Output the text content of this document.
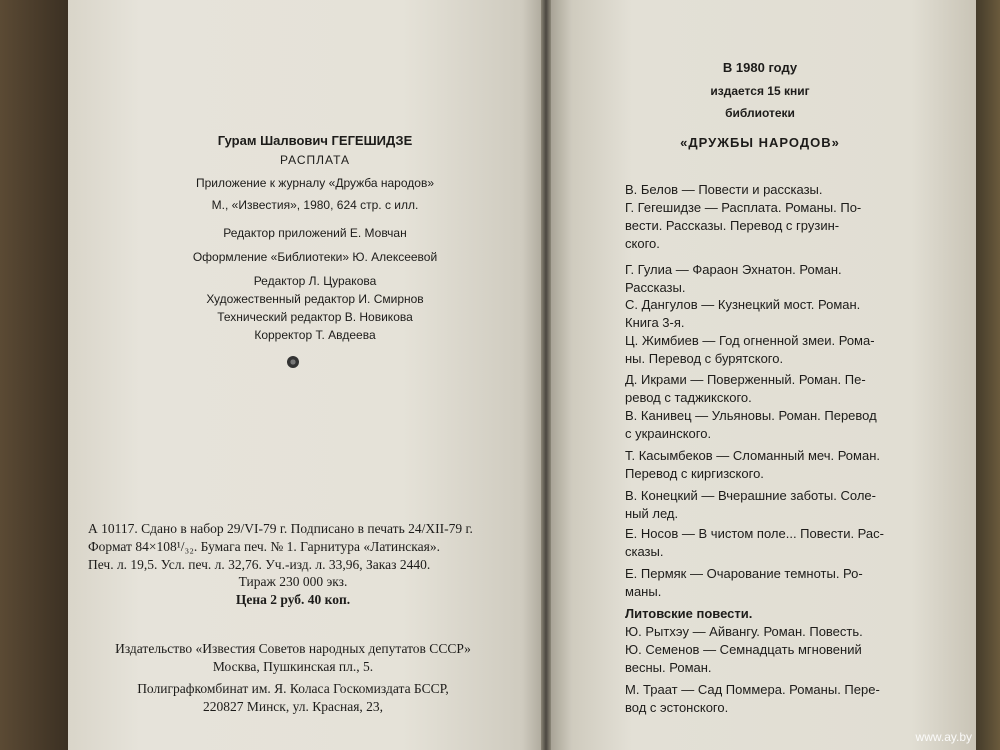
Гурам Шалвович ГЕГЕШИДЗЕ
РАСПЛАТА
Приложение к журналу «Дружба народов»
М., «Известия», 1980, 624 стр. с илл.
Редактор приложений Е. Мовчан
Оформление «Библиотеки» Ю. Алексеевой
Редактор Л. Цуракова
Художественный редактор И. Смирнов
Технический редактор В. Новикова
Корректор Т. Авдеева
А 10117. Сдано в набор 29/VI-79 г. Подписано в печать 24/XII-79 г.
Формат 84×108¹/₃₂. Бумага печ. № 1. Гарнитура «Латинская».
Печ. л. 19,5. Усл. печ. л. 32,76. Уч.-изд. л. 33,96, Заказ 2440.
Тираж 230 000 экз.
Цена 2 руб. 40 коп.
Издательство «Известия Советов народных депутатов СССР»
Москва, Пушкинская пл., 5.
Полиграфкомбинат им. Я. Коласа Госкомиздата БССР,
220827 Минск, ул. Красная, 23,
В 1980 году
издается 15 книг
библиотеки
«ДРУЖБЫ НАРОДОВ»
В. Белов — Повести и рассказы.
Г. Гегешидзе — Расплата. Романы. По-
вести. Рассказы. Перевод с грузин-
ского.
Г. Гулиа — Фараон Эхнатон. Роман.
Рассказы.
С. Дангулов — Кузнецкий мост. Роман.
Книга 3-я.
Ц. Жимбиев — Год огненной змеи. Рома-
ны. Перевод с бурятского.
Д. Икрами — Поверженный. Роман. Пе-
ревод с таджикского.
В. Канивец — Ульяновы. Роман. Перевод
с украинского.
Т. Касымбеков — Сломанный меч. Роман.
Перевод с киргизского.
В. Конецкий — Вчерашние заботы. Соле-
ный лед.
Е. Носов — В чистом поле... Повести. Рас-
сказы.
Е. Пермяк — Очарование темноты. Ро-
маны.
Литовские повести.
Ю. Рытхэу — Айвангу. Роман. Повесть.
Ю. Семенов — Семнадцать мгновений
весны. Роман.
М. Траат — Сад Поммера. Романы. Пере-
вод с эстонского.
www.ay.by
